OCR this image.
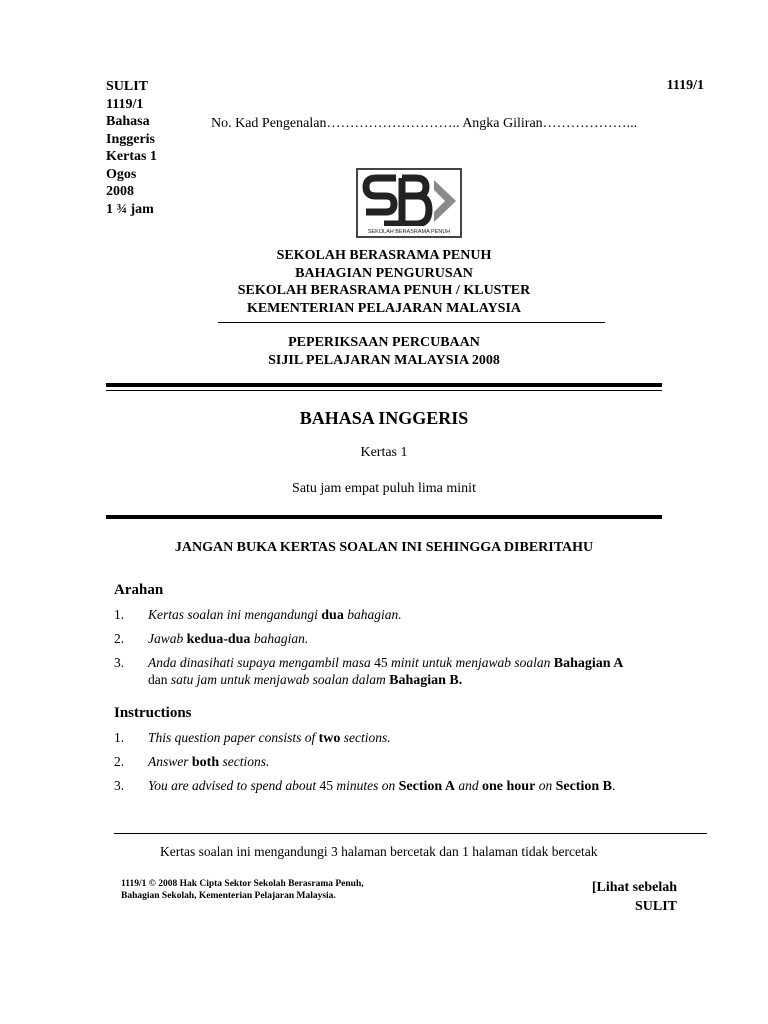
SULIT
1119/1
Bahasa
Inggeris
Kertas 1
Ogos
2008
1 ¾ jam
1119/1
No. Kad Pengenalan……………………….. Angka Giliran………………...
SEKOLAH BERASRAMA PENUH
SEKOLAH BERASRAMA PENUH
BAHAGIAN PENGURUSAN
SEKOLAH BERASRAMA PENUH / KLUSTER
KEMENTERIAN PELAJARAN MALAYSIA
PEPERIKSAAN PERCUBAAN
SIJIL PELAJARAN MALAYSIA 2008
BAHASA INGGERIS
Kertas 1
Satu jam empat puluh lima minit
JANGAN BUKA KERTAS SOALAN INI SEHINGGA DIBERITAHU
Arahan
1. Kertas soalan ini mengandungi dua bahagian.
2. Jawab kedua-dua bahagian.
3. Anda dinasihati supaya mengambil masa 45 minit untuk menjawab soalan Bahagian A
dan satu jam untuk menjawab soalan dalam Bahagian B.
Instructions
1. This question paper consists of two sections.
2. Answer both sections.
3. You are advised to spend about 45 minutes on Section A and one hour on Section B.
Kertas soalan ini mengandungi 3 halaman bercetak dan 1 halaman tidak bercetak
1119/1 © 2008 Hak Cipta Sektor Sekolah Berasrama Penuh,
Bahagian Sekolah, Kementerian Pelajaran Malaysia.
[Lihat sebelah
SULIT
